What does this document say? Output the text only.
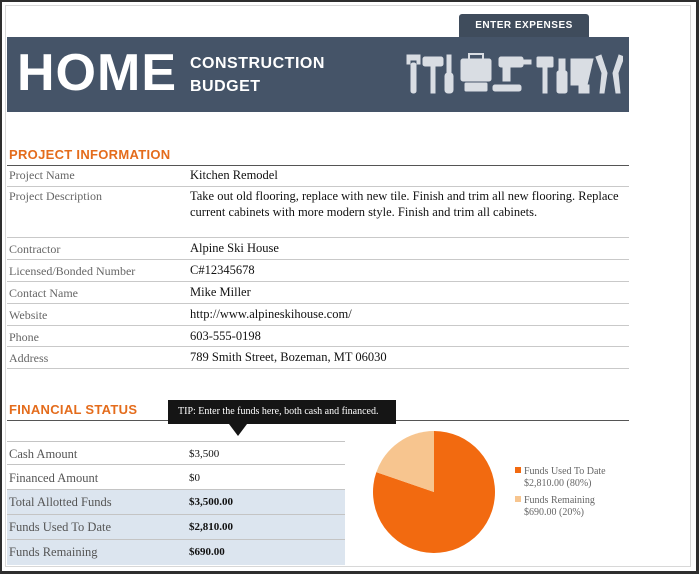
ENTER EXPENSES
HOME CONSTRUCTION
BUDGET
PROJECT INFORMATION
Project Name	Kitchen Remodel
Project Description	Take out old flooring, replace with new tile. Finish and trim all new flooring. Replace current cabinets with more modern style. Finish and trim all cabinets.
Contractor	Alpine Ski House
Licensed/Bonded Number	C#12345678
Contact Name	Mike Miller
Website	http://www.alpineskihouse.com/
Phone	603-555-0198
Address	789 Smith Street, Bozeman, MT 06030
FINANCIAL STATUS
Cash Amount	$3,500
Financed Amount	$0
Total Allotted Funds	$3,500.00
Funds Used To Date	$2,810.00
Funds Remaining	$690.00
TIP: Enter the funds here, both cash and financed.
Funds Used To Date
$2,810.00 (80%)
Funds Remaining
$690.00 (20%)
